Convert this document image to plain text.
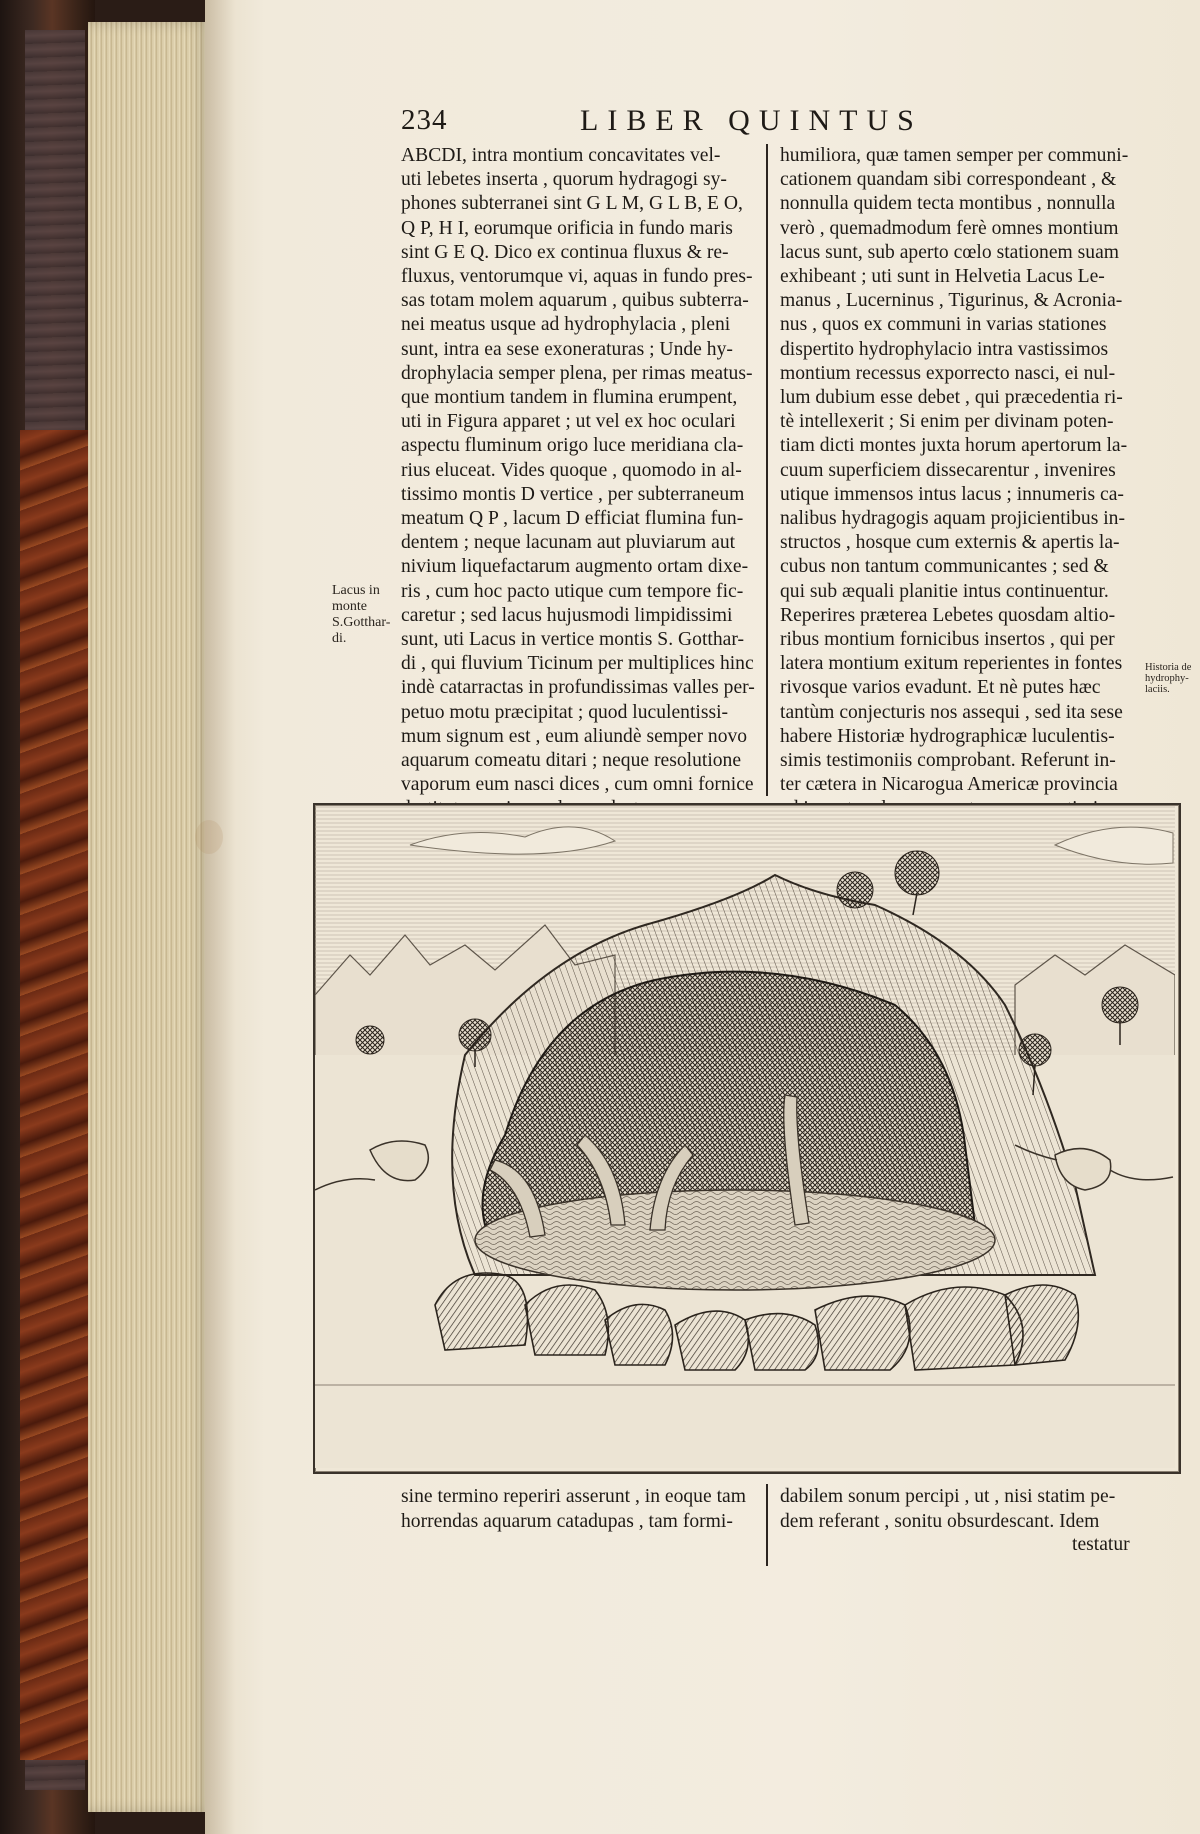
234	LIBER QUINTUS
ABCDI, intra montium concavitates vel-
uti lebetes inserta , quorum hydragogi sy-
phones subterranei sint G L M, G L B, E O,
Q P, H I, eorumque orificia in fundo maris
sint G E Q. Dico ex continua fluxus & re-
fluxus, ventorumque vi, aquas in fundo pres-
sas totam molem aquarum , quibus subterra-
nei meatus usque ad hydrophylacia , pleni
sunt, intra ea sese exoneraturas ; Unde hy-
drophylacia semper plena, per rimas meatus-
que montium tandem in flumina erumpent,
uti in Figura apparet ; ut vel ex hoc oculari
aspectu fluminum origo luce meridiana cla-
rius eluceat. Vides quoque , quomodo in al-
tissimo montis D vertice , per subterraneum
meatum Q P , lacum D efficiat flumina fun-
dentem ; neque lacunam aut pluviarum aut
nivium liquefactarum augmento ortam dixe-
ris , cum hoc pacto utique cum tempore fic-
caretur ; sed lacus hujusmodi limpidissimi
sunt, uti Lacus in vertice montis S. Gotthar-
di , qui fluvium Ticinum per multiplices hinc
indè catarractas in profundissimas valles per-
petuo motu præcipitat ; quod luculentissi-
mum signum est , eum aliundè semper novo
aquarum comeatu ditari ; neque resolutione
vaporum eum nasci dices , cum omni fornice
humiliora, quæ tamen semper per communi-
cationem quandam sibi correspondeant , &
nonnulla quidem tecta montibus , nonnulla
verò , quemadmodum ferè omnes montium
lacus sunt, sub aperto cœlo stationem suam
exhibeant ; uti sunt in Helvetia Lacus Le-
manus , Lucerninus , Tigurinus, & Acronia-
nus , quos ex communi in varias stationes
dispertito hydrophylacio intra vastissimos
montium recessus exporrecto nasci, ei nul-
lum dubium esse debet , qui præcedentia ri-
tè intellexerit ; Si enim per divinam poten-
tiam dicti montes juxta horum apertorum la-
cuum superficiem dissecarentur , invenires
utique immensos intus lacus ; innumeris ca-
nalibus hydragogis aquam projicientibus in-
structos , hosque cum externis & apertis la-
cubus non tantum communicantes ; sed &
qui sub æquali planitie intus continuentur.
Reperires præterea Lebetes quosdam altio-
ribus montium fornicibus insertos , qui per
latera montium exitum reperientes in fontes
rivosque varios evadunt. Et nè putes hæc
tantùm conjecturis nos assequi , sed ita sese
habere Historiæ hydrographicæ luculentis-
simis testimoniis comprobant. Referunt in-
ter cætera in Nicarogua Americæ provincia
Lacus in
monte
S.Gotthar-
di.
Historia de
hydrophy-
laciis.
sine termino reperiri asserunt , in eoque tam
horrendas aquarum catadupas , tam formi-
dabilem sonum percipi , ut , nisi statim pe-
dem referant , sonitu obsurdescant. Idem
testatur
